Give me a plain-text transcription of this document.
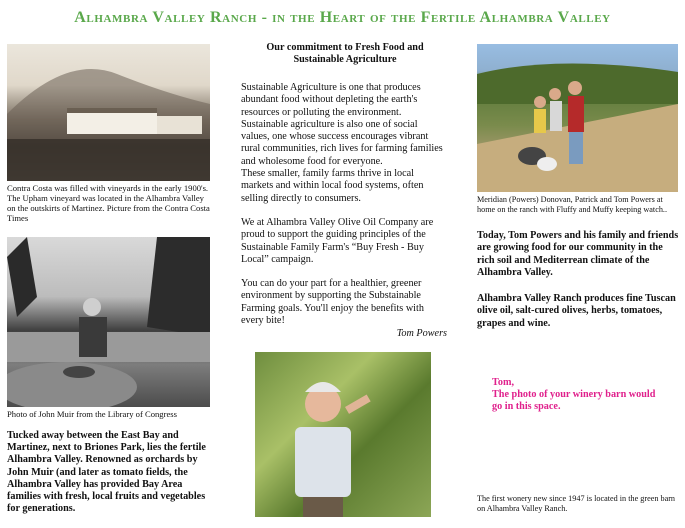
Alhambra Valley Ranch - in the Heart of the Fertile Alhambra Valley
Contra Costa was filled with vineyards in the early 1900's. The Upham vineyard was located in the Alhambra Valley on the outskirts of Martinez. Picture from the Contra Costa Times
Photo of John Muir from the Library of Congress
Tucked away between the East Bay and Martinez, next to Briones Park, lies the fertile Alhambra Valley. Renowned as orchards by John Muir (and later as tomato fields, the Alhambra Valley has provided Bay Area families with fresh, local fruits and vegetables for generations.
Our commitment to Fresh Food and Sustainable Agriculture

Sustainable Agriculture is one that produces abundant food without depleting the earth's resources or polluting the environment. Sustainable agriculture is also one of social values, one whose success encourages vibrant rural communities, rich lives for farming families and wholesome food for everyone.

These smaller, family farms thrive in local markets and within local food systems, often selling directly to consumers.

We at Alhambra Valley Olive Oil Company are proud to support the guiding principles of the Sustainable Family Farm's “Buy Fresh - Buy Local” campaign.

You can do your part for a healthier, greener environment by supporting the Substainable Farming goals. You'll enjoy the benefits with every bite!

Tom Powers

Meridian (Powers) Donovan, Patrick and Tom Powers at home on the ranch with Fluffy and Muffy keeping watch..
Today, Tom Powers and his family and friends are growing food for our community in the rich soil and Mediterrean climate of the Alhambra Valley.
Alhambra Valley Ranch produces fine Tuscan olive oil, salt-cured olives, herbs, tomatoes, grapes and wine.
Tom,
The photo of your winery barn would go in this space.
The first wonery new since 1947 is located in the green barn on Alhambra Valley Ranch.
